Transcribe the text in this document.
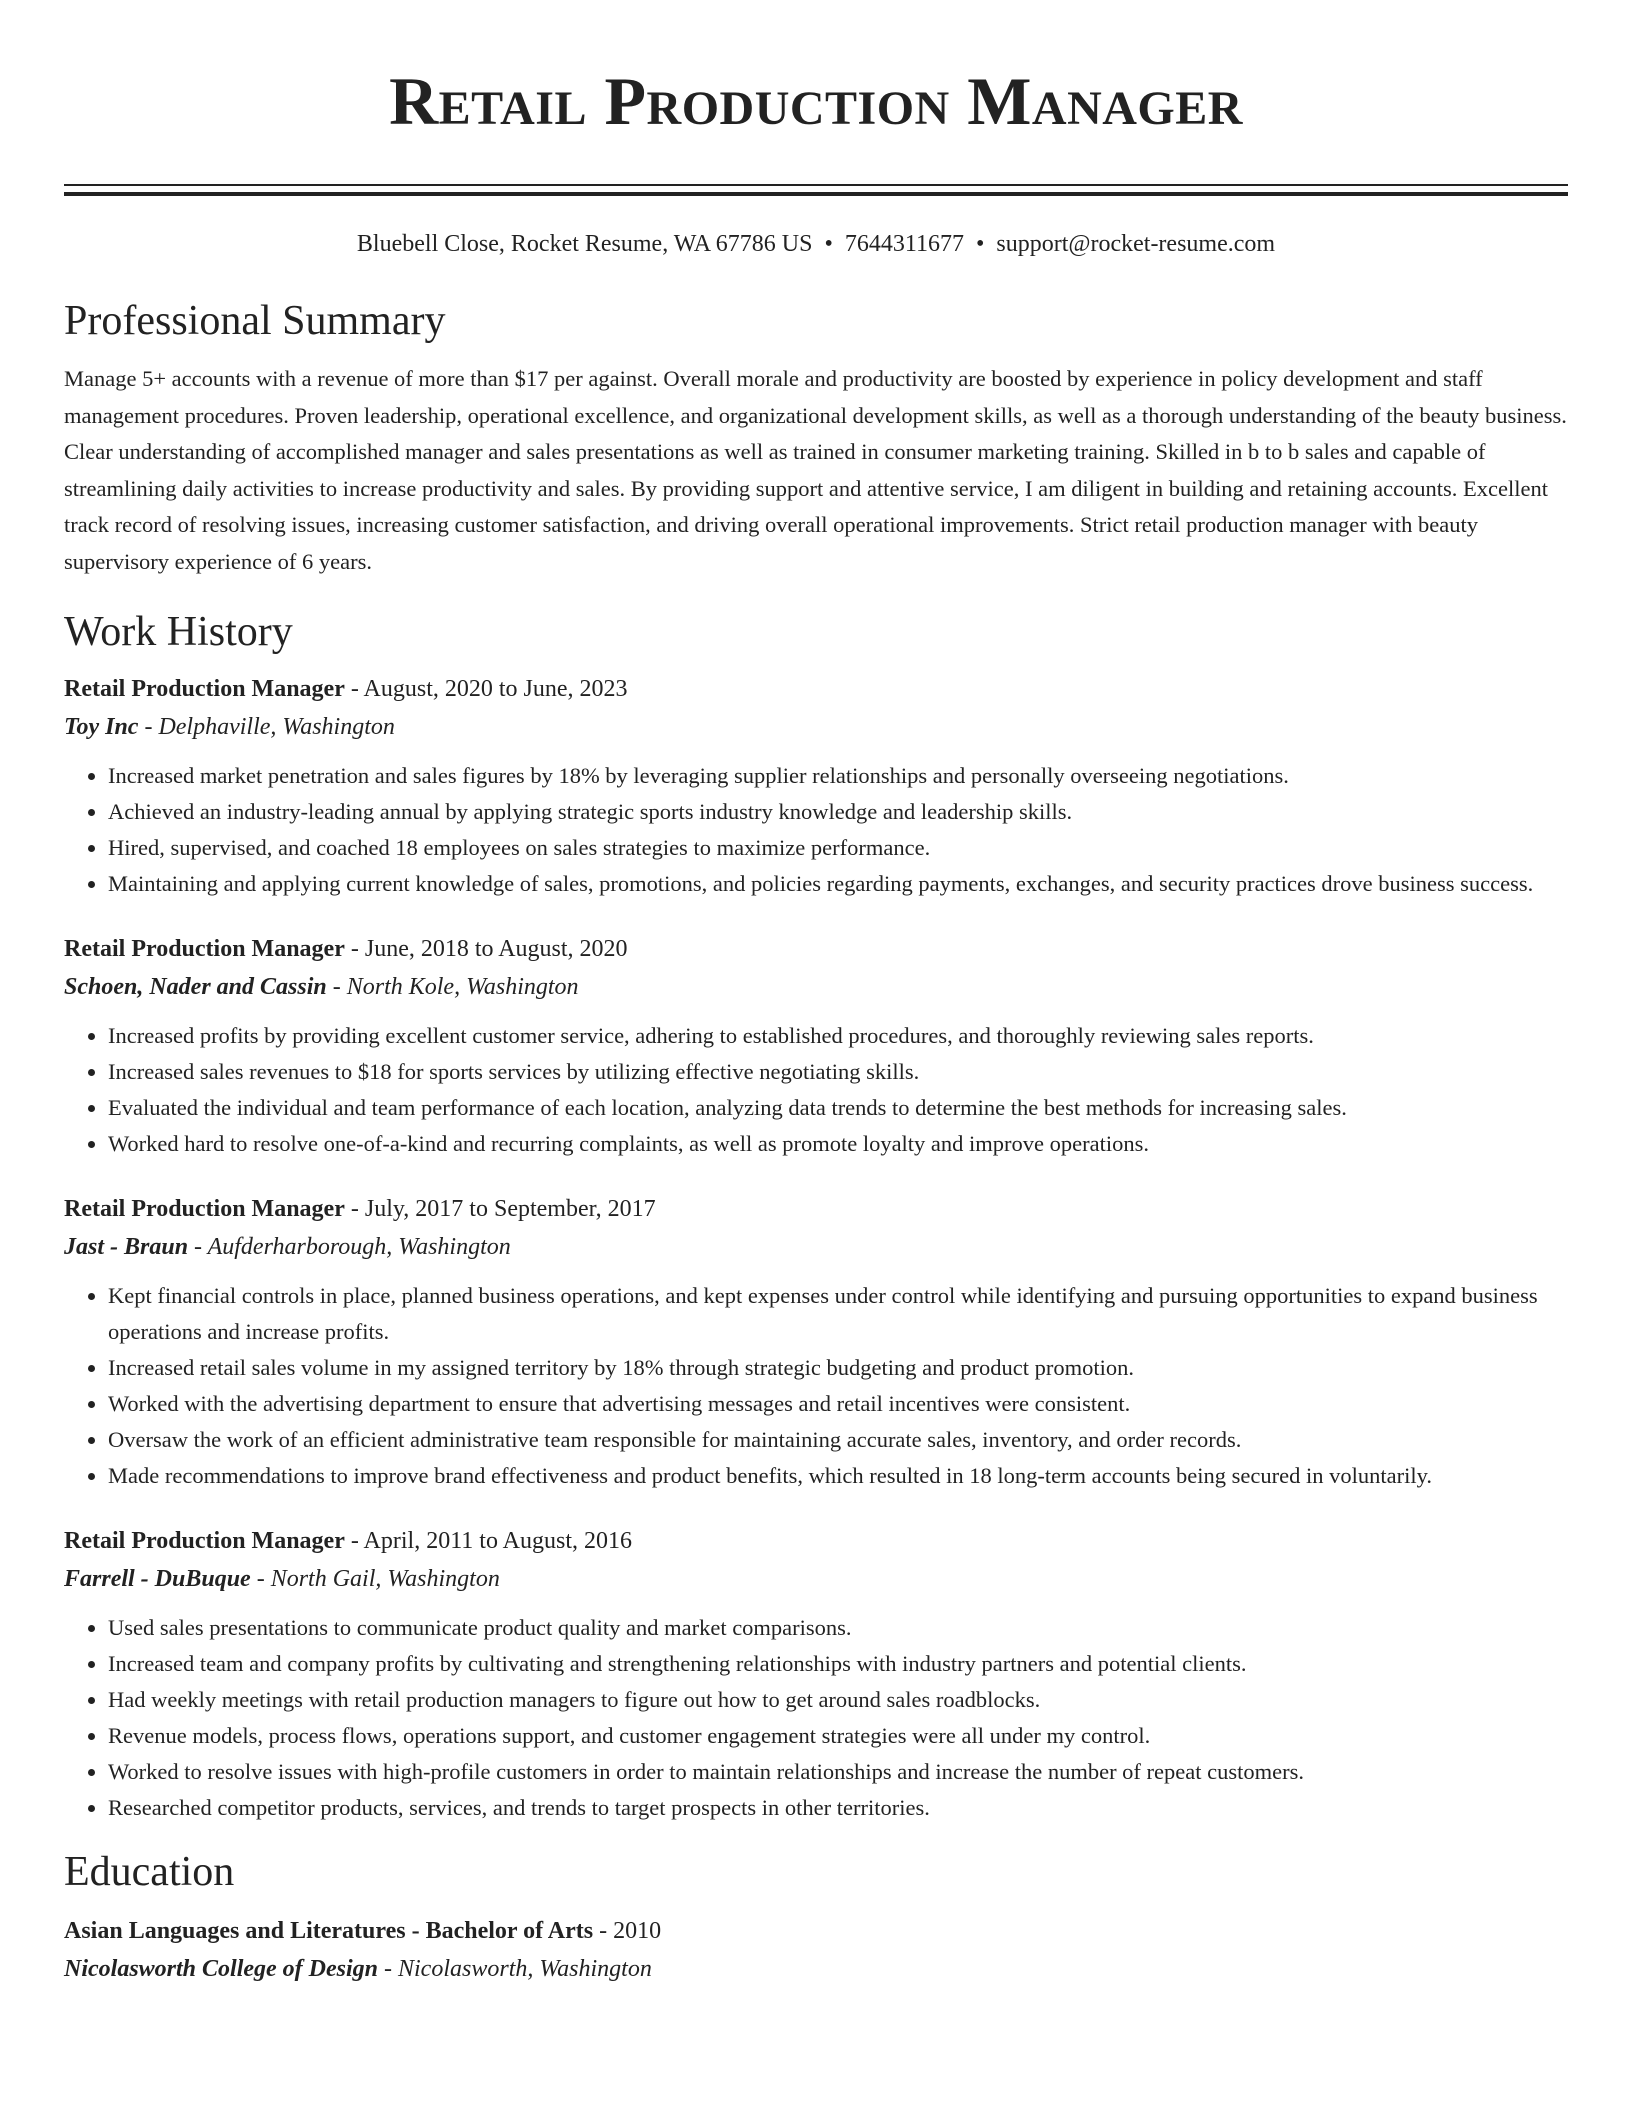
Retail Production Manager
Bluebell Close, Rocket Resume, WA 67786 US • 7644311677 • support@rocket-resume.com
Professional Summary
Manage 5+ accounts with a revenue of more than $17 per against. Overall morale and productivity are boosted by experience in policy development and staff management procedures. Proven leadership, operational excellence, and organizational development skills, as well as a thorough understanding of the beauty business. Clear understanding of accomplished manager and sales presentations as well as trained in consumer marketing training. Skilled in b to b sales and capable of streamlining daily activities to increase productivity and sales. By providing support and attentive service, I am diligent in building and retaining accounts. Excellent track record of resolving issues, increasing customer satisfaction, and driving overall operational improvements. Strict retail production manager with beauty supervisory experience of 6 years.
Work History
Retail Production Manager - August, 2020 to June, 2023
Toy Inc - Delphaville, Washington
• Increased market penetration and sales figures by 18% by leveraging supplier relationships and personally overseeing negotiations.
• Achieved an industry-leading annual by applying strategic sports industry knowledge and leadership skills.
• Hired, supervised, and coached 18 employees on sales strategies to maximize performance.
• Maintaining and applying current knowledge of sales, promotions, and policies regarding payments, exchanges, and security practices drove business success.
Retail Production Manager - June, 2018 to August, 2020
Schoen, Nader and Cassin - North Kole, Washington
• Increased profits by providing excellent customer service, adhering to established procedures, and thoroughly reviewing sales reports.
• Increased sales revenues to $18 for sports services by utilizing effective negotiating skills.
• Evaluated the individual and team performance of each location, analyzing data trends to determine the best methods for increasing sales.
• Worked hard to resolve one-of-a-kind and recurring complaints, as well as promote loyalty and improve operations.
Retail Production Manager - July, 2017 to September, 2017
Jast - Braun - Aufderharborough, Washington
• Kept financial controls in place, planned business operations, and kept expenses under control while identifying and pursuing opportunities to expand business operations and increase profits.
• Increased retail sales volume in my assigned territory by 18% through strategic budgeting and product promotion.
• Worked with the advertising department to ensure that advertising messages and retail incentives were consistent.
• Oversaw the work of an efficient administrative team responsible for maintaining accurate sales, inventory, and order records.
• Made recommendations to improve brand effectiveness and product benefits, which resulted in 18 long-term accounts being secured in voluntarily.
Retail Production Manager - April, 2011 to August, 2016
Farrell - DuBuque - North Gail, Washington
• Used sales presentations to communicate product quality and market comparisons.
• Increased team and company profits by cultivating and strengthening relationships with industry partners and potential clients.
• Had weekly meetings with retail production managers to figure out how to get around sales roadblocks.
• Revenue models, process flows, operations support, and customer engagement strategies were all under my control.
• Worked to resolve issues with high-profile customers in order to maintain relationships and increase the number of repeat customers.
• Researched competitor products, services, and trends to target prospects in other territories.
Education
Asian Languages and Literatures - Bachelor of Arts - 2010
Nicolasworth College of Design - Nicolasworth, Washington
